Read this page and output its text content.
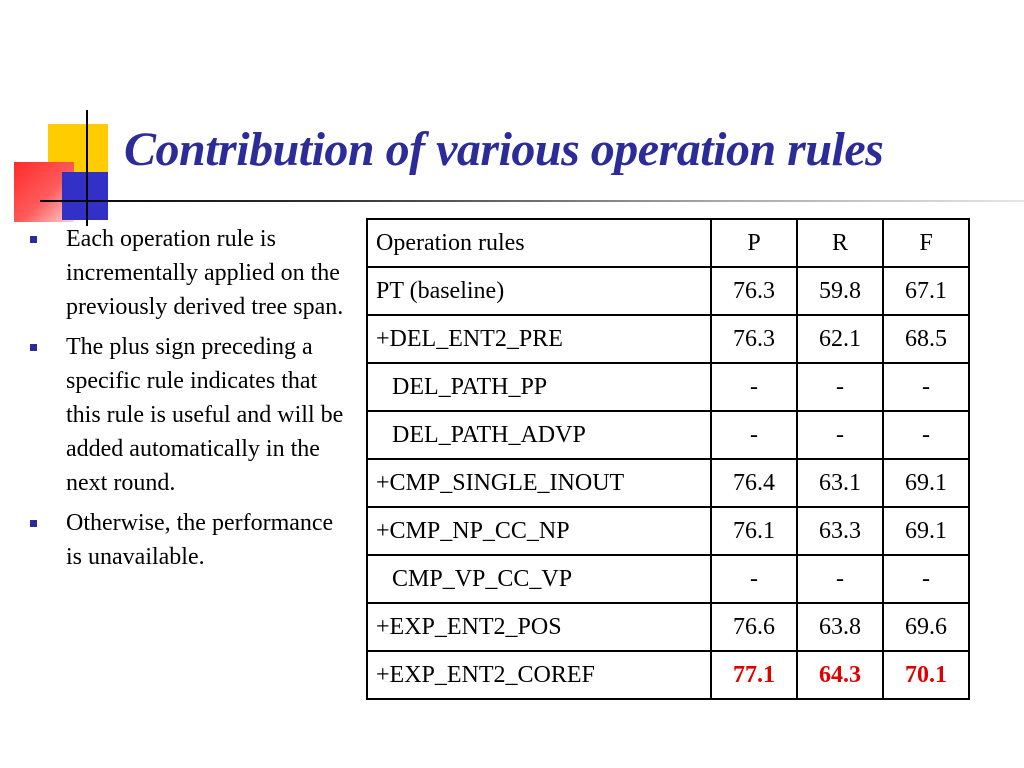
Contribution of various operation rules
Each operation rule is incrementally applied on the previously derived tree span.
The plus sign preceding a specific rule indicates that this rule is useful and will be added automatically in the next round.
Otherwise, the performance is unavailable.
Operation rules	P	R	F
PT (baseline)	76.3	59.8	67.1
+DEL_ENT2_PRE	76.3	62.1	68.5
DEL_PATH_PP	-	-	-
DEL_PATH_ADVP	-	-	-
+CMP_SINGLE_INOUT	76.4	63.1	69.1
+CMP_NP_CC_NP	76.1	63.3	69.1
CMP_VP_CC_VP	-	-	-
+EXP_ENT2_POS	76.6	63.8	69.6
+EXP_ENT2_COREF	77.1	64.3	70.1
